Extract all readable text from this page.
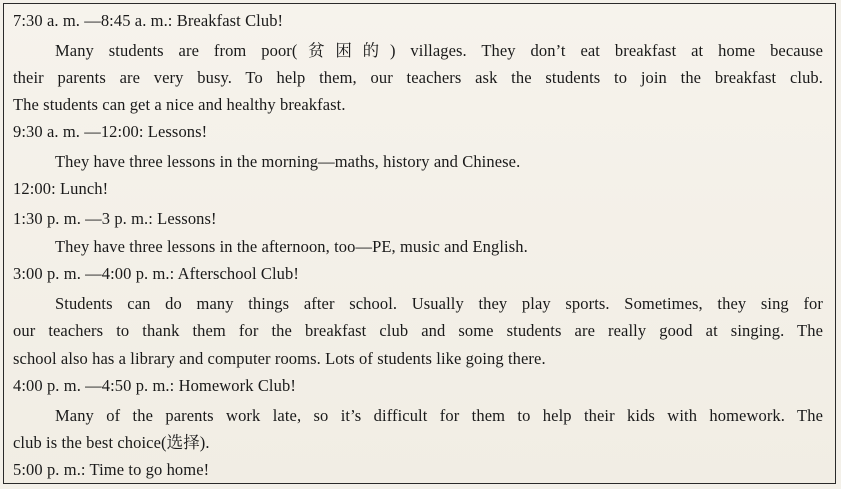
7:30 a. m. —8:45 a. m.: Breakfast Club!
Many students are from poor(贫困的) villages. They don’t eat breakfast at home because
their parents are very busy. To help them, our teachers ask the students to join the breakfast club.
The students can get a nice and healthy breakfast.
9:30 a. m. —12:00: Lessons!
They have three lessons in the morning—maths, history and Chinese.
12:00: Lunch!
1:30 p. m. —3 p. m.: Lessons!
They have three lessons in the afternoon, too—PE, music and English.
3:00 p. m. —4:00 p. m.: Afterschool Club!
Students can do many things after school. Usually they play sports. Sometimes, they sing for
our teachers to thank them for the breakfast club and some students are really good at singing. The
school also has a library and computer rooms. Lots of students like going there.
4:00 p. m. —4:50 p. m.: Homework Club!
Many of the parents work late, so it’s difficult for them to help their kids with homework. The
club is the best choice(选择).
5:00 p. m.: Time to go home!
